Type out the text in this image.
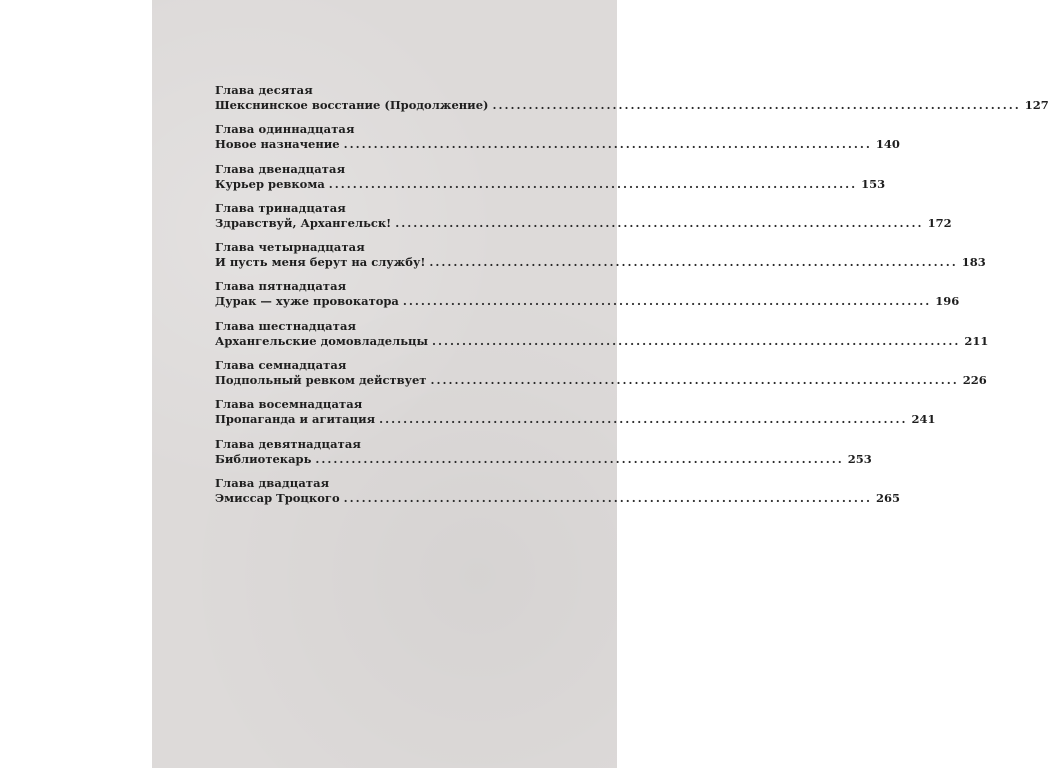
Глава десятая
Шекснинское восстание (Продолжение) ........................................................................................ 127
Глава одиннадцатая
Новое назначение ........................................................................................ 140
Глава двенадцатая
Курьер ревкома ........................................................................................ 153
Глава тринадцатая
Здравствуй, Архангельск! ........................................................................................ 172
Глава четырнадцатая
И пусть меня берут на службу! ........................................................................................ 183
Глава пятнадцатая
Дурак — хуже провокатора ........................................................................................ 196
Глава шестнадцатая
Архангельские домовладельцы ........................................................................................ 211
Глава семнадцатая
Подпольный ревком действует ........................................................................................ 226
Глава восемнадцатая
Пропаганда и агитация ........................................................................................ 241
Глава девятнадцатая
Библиотекарь ........................................................................................ 253
Глава двадцатая
Эмиссар Троцкого ........................................................................................ 265
